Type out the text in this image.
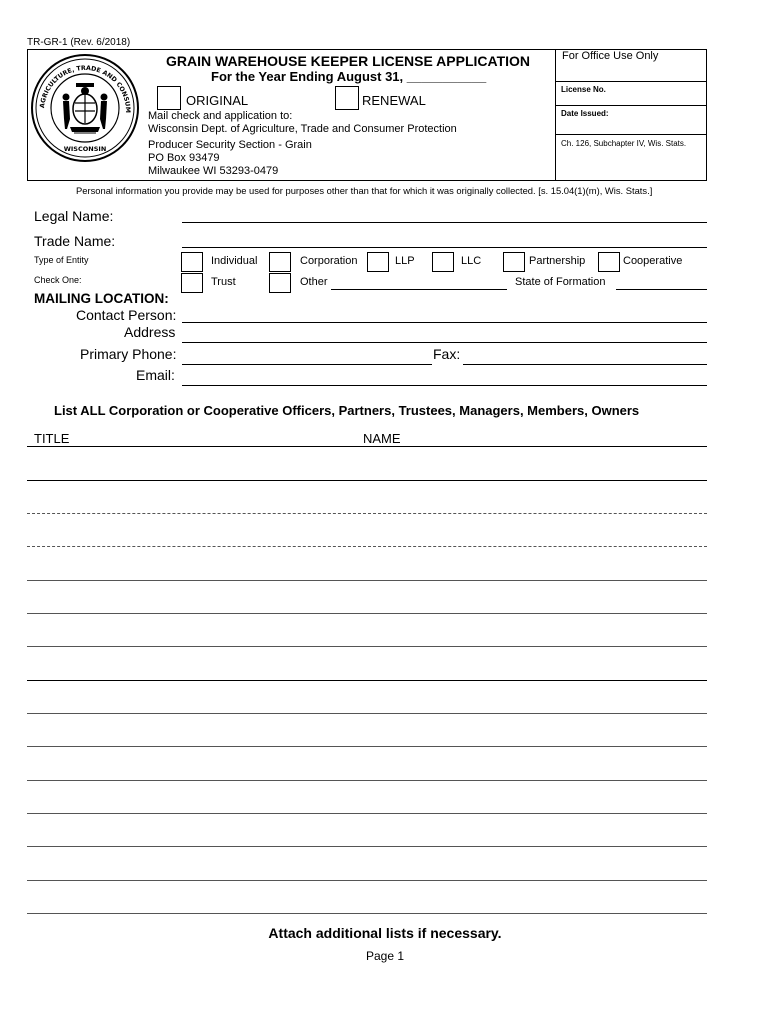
TR-GR-1 (Rev. 6/2018)
AGRICULTURE, TRADE AND CONSUM
WISCONSIN
GRAIN WAREHOUSE KEEPER LICENSE APPLICATION
For the Year Ending August 31, ___________
ORIGINAL	RENEWAL
Mail check and application to:
Wisconsin Dept. of Agriculture, Trade and Consumer Protection
Producer Security Section - Grain
PO Box 93479
Milwaukee WI 53293-0479
For Office Use Only
License No.
Date Issued:
Ch. 126, Subchapter IV, Wis. Stats.
Personal information you provide may be used for purposes other than that for which it was originally collected. [s. 15.04(1)(m), Wis. Stats.]
Legal Name:
Trade Name:
Type of Entity
Check One:
Individual	Corporation	LLP	LLC	Partnership	Cooperative
Trust	Other	State of Formation
MAILING LOCATION:
Contact Person:
Address
Primary Phone:	Fax:
Email:
List ALL Corporation or Cooperative Officers, Partners, Trustees, Managers, Members, Owners
TITLE	NAME
Attach additional lists if necessary.
Page 1
